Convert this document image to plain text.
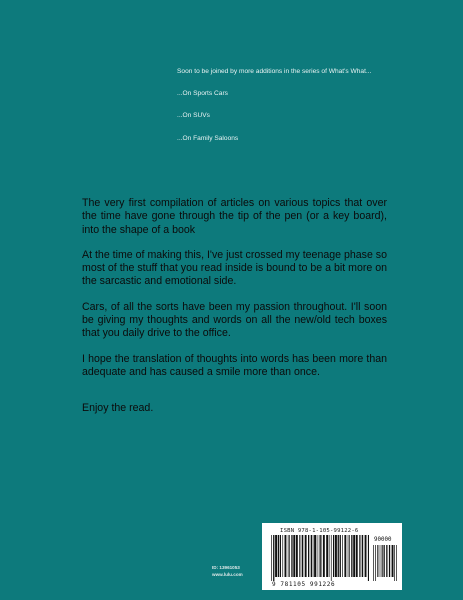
Soon to be joined by more additions in the series of What's What...

...On Sports Cars

...On SUVs

...On Family Saloons

The very first compilation of articles on various topics that over the time have gone through the tip of the pen (or a key board), into the shape of a book

At the time of making this, I've just crossed my teenage phase so most of the stuff that you read inside is bound to be a bit more on the sarcastic and emotional side.

Cars, of all the sorts have been my passion throughout. I'll soon be giving my thoughts and words on all the new/old tech boxes that you daily drive to the office.

I hope the translation of thoughts into words has been more than adequate and has caused a smile more than once.

Enjoy the read.

ID: 13961053
www.lulu.com
ISBN 978-1-105-99122-6
90000
9 781105 991226
